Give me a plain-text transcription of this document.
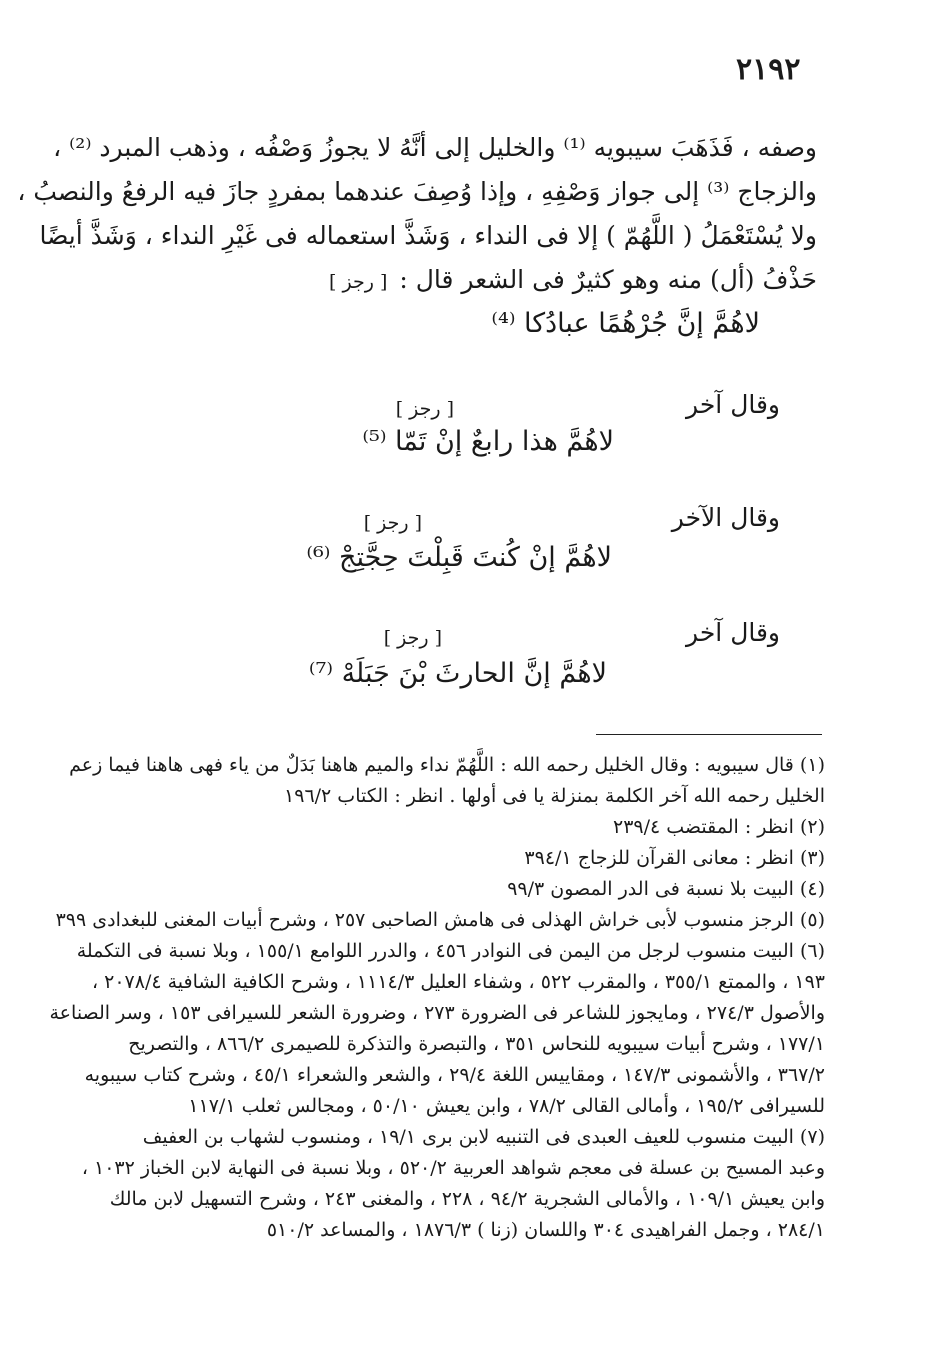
٢١٩٢
وصفه ، فَذَهَبَ سيبويه ⁽¹⁾ والخليل إلى أنَّهُ لا يجوزُ وَصْفُه ، وذهب المبرد ⁽²⁾ ،
والزجاج ⁽³⁾ إلى جواز وَصْفِهِ ، وإذا وُصِفَ عندهما بمفردٍ جازَ فيه الرفعُ والنصبُ ،
ولا يُسْتَعْمَلُ ( اللَّهُمّ ) إلا فى النداء ، وَشَذَّ استعماله فى غَيْرِ النداء ، وَشَذَّ أيضًا
حَذْفُ (أل) منه وهو كثيرٌ فى الشعر قال :[ رجز ]
لاهُمَّ إنَّ جُرْهُمًا عبادُكا ⁽⁴⁾
وقال آخر
[ رجز ]
لاهُمَّ هذا رابعٌ إنْ تَمّا ⁽⁵⁾
وقال الآخر
[ رجز ]
لاهُمَّ إنْ كُنتَ قَبِلْتَ حِجَّتِجْ ⁽⁶⁾
وقال آخر
[ رجز ]
لاهُمَّ إنَّ الحارثَ بْنَ جَبَلَهْ ⁽⁷⁾
(١) قال سيبويه : وقال الخليل رحمه الله : اللَّهُمّ نداء والميم هاهنا بَدَلٌ من ياء فهى هاهنا فيما زعم
الخليل رحمه الله آخر الكلمة بمنزلة يا فى أولها . انظر : الكتاب ١٩٦/٢
(٢) انظر : المقتضب ٢٣٩/٤
(٣) انظر : معانى القرآن للزجاج ٣٩٤/١
(٤) البيت بلا نسبة فى الدر المصون ٩٩/٣
(٥) الرجز منسوب لأبى خراش الهذلى فى هامش الصاحبى ٢٥٧ ، وشرح أبيات المغنى للبغدادى ٣٩٩
(٦) البيت منسوب لرجل من اليمن فى النوادر ٤٥٦ ، والدرر اللوامع ١٥٥/١ ، وبلا نسبة فى التكملة
١٩٣ ، والممتع ٣٥٥/١ ، والمقرب ٥٢٢ ، وشفاء العليل ١١١٤/٣ ، وشرح الكافية الشافية ٢٠٧٨/٤ ،
والأصول ٢٧٤/٣ ، ومايجوز للشاعر فى الضرورة ٢٧٣ ، وضرورة الشعر للسيرافى ١٥٣ ، وسر الصناعة
١٧٧/١ ، وشرح أبيات سيبويه للنحاس ٣٥١ ، والتبصرة والتذكرة للصيمرى ٨٦٦/٢ ، والتصريح
٣٦٧/٢ ، والأشمونى ١٤٧/٣ ، ومقاييس اللغة ٢٩/٤ ، والشعر والشعراء ٤٥/١ ، وشرح كتاب سيبويه
للسيرافى ١٩٥/٢ ، وأمالى القالى ٧٨/٢ ، وابن يعيش ٥٠/١٠ ، ومجالس ثعلب ١١٧/١
(٧) البيت منسوب للعيف العبدى فى التنبيه لابن برى ١٩/١ ، ومنسوب لشهاب بن العفيف
وعبد المسيح بن عسلة فى معجم شواهد العربية ٥٢٠/٢ ، وبلا نسبة فى النهاية لابن الخباز ١٠٣٢ ،
وابن يعيش ١٠٩/١ ، والأمالى الشجرية ٩٤/٢ ، ٢٢٨ ، والمغنى ٢٤٣ ، وشرح التسهيل لابن مالك
٢٨٤/١ ، وجمل الفراهيدى ٣٠٤ واللسان (زنا ) ١٨٧٦/٣ ، والمساعد ٥١٠/٢
